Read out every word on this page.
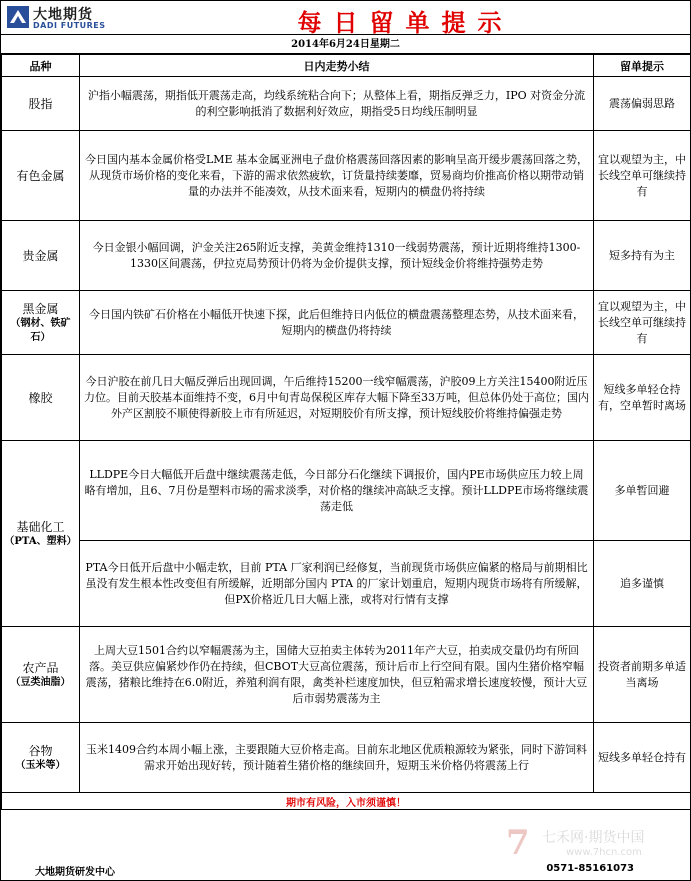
大地期货
DADI FUTURES	每日留单提示
2014年6月24日星期二
品种	日内走势小结	留单提示
股指	沪指小幅震荡，期指低开震荡走高，均线系统粘合向下；从整体上看，期指反弹乏力，IPO 对资金分流的利空影响抵消了数据利好效应，期指受5日均线压制明显	震荡偏弱思路
有色金属	今日国内基本金属价格受LME 基本金属亚洲电子盘价格震荡回落因素的影响呈高开缓步震荡回落之势，从现货市场价格的变化来看，下游的需求依然疲软，订货量持续萎靡，贸易商均价推高价格以期带动销量的办法并不能凑效，从技术面来看，短期内的横盘仍将持续	宜以观望为主，中长线空单可继续持有
贵金属	今日金银小幅回调，沪金关注265附近支撑，美黄金维持1310一线弱势震荡，预计近期将维持1300-1330区间震荡，伊拉克局势预计仍将为金价提供支撑，预计短线金价将维持强势走势	短多持有为主
黑金属
（钢材、铁矿石）	今日国内铁矿石价格在小幅低开快速下探，此后但维持日内低位的横盘震荡整理态势，从技术面来看，短期内的横盘仍将持续	宜以观望为主，中长线空单可继续持有
橡胶	今日沪胶在前几日大幅反弹后出现回调，午后维持15200一线窄幅震荡，沪胶09上方关注15400附近压力位。目前天胶基本面维持不变，6月中旬青岛保税区库存大幅下降至33万吨，但总体仍处于高位；国内外产区割胶不顺使得新胶上市有所延迟，对短期胶价有所支撑，预计短线胶价将维持偏强走势	短线多单轻仓持有，空单暂时离场
基础化工
（PTA、塑料）	LLDPE今日大幅低开后盘中继续震荡走低，今日部分石化继续下调报价，国内PE市场供应压力较上周略有增加，且6、7月份是塑料市场的需求淡季，对价格的继续冲高缺乏支撑。预计LLDPE市场将继续震荡走低	多单暂回避
	PTA今日低开后盘中小幅走软，目前 PTA 厂家利润已经修复，当前现货市场供应偏紧的格局与前期相比虽没有发生根本性改变但有所缓解，近期部分国内 PTA 的厂家计划重启，短期内现货市场将有所缓解，但PX价格近几日大幅上涨，或将对行情有支撑	追多谨慎
农产品
（豆类油脂）	上周大豆1501合约以窄幅震荡为主，国储大豆拍卖主体转为2011年产大豆，拍卖成交量仍均有所回落。美豆供应偏紧炒作仍在持续，但CBOT大豆高位震荡，预计后市上行空间有限。国内生猪价格窄幅震荡，猪粮比维持在6.0附近，养殖利润有限，禽类补栏速度加快，但豆粕需求增长速度较慢，预计大豆后市弱势震荡为主	投资者前期多单适当离场
谷物
（玉米等）	玉米1409合约本周小幅上涨，主要跟随大豆价格走高。目前东北地区优质粮源较为紧张，同时下游饲料需求开始出现好转，预计随着生猪价格的继续回升，短期玉米价格仍将震荡上行	短线多单轻仓持有
期市有风险，入市须谨慎！		
大地期货研发中心	0571-85161073
7 七禾网·期货中国
www.7hcn.com
